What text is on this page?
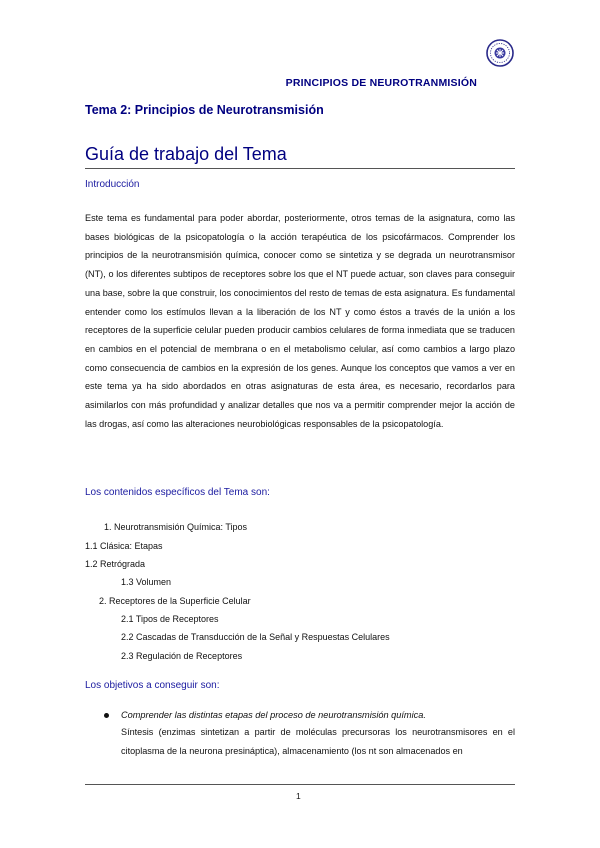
PRINCIPIOS DE NEUROTRANMISIÓN
Tema 2: Principios de Neurotransmisión
Guía de trabajo del Tema
Introducción

Este tema es fundamental para poder abordar, posteriormente, otros temas de la asignatura, como las bases biológicas de la psicopatología o la acción terapéutica de los psicofármacos. Comprender los principios de la neurotransmisión química, conocer como se sintetiza y se degrada un neurotransmisor (NT), o los diferentes subtipos de receptores sobre los que el NT puede actuar, son claves para conseguir una base, sobre la que construir, los conocimientos del resto de temas de esta asignatura. Es fundamental entender como los estímulos llevan a la liberación de los NT y como éstos a través de la unión a los receptores de la superficie celular pueden producir cambios celulares de forma inmediata que se traducen en cambios en el potencial de membrana o en el metabolismo celular, así como cambios a largo plazo como consecuencia de cambios en la expresión de los genes. Aunque los conceptos que vamos a ver en este tema ya ha sido abordados en otras asignaturas de esta área, es necesario, recordarlos para asimilarlos con más profundidad y analizar detalles que nos va a permitir comprender mejor la acción de las drogas, así como las alteraciones neurobiológicas responsables de la psicopatología.

Los contenidos específicos del Tema son:
1. Neurotransmisión Química: Tipos
1.1 Clásica: Etapas
1.2 Retrógrada
1.3 Volumen
2. Receptores de la Superficie Celular
2.1 Tipos de Receptores
2.2 Cascadas de Transducción de la Señal y Respuestas Celulares
2.3 Regulación de Receptores
Los objetivos a conseguir son:
Comprender las distintas etapas del proceso de neurotransmisión química.

Síntesis (enzimas sintetizan a partir de moléculas precursoras los neurotransmisores en el citoplasma de la neurona presináptica), almacenamiento (los nt son almacenados en

1
